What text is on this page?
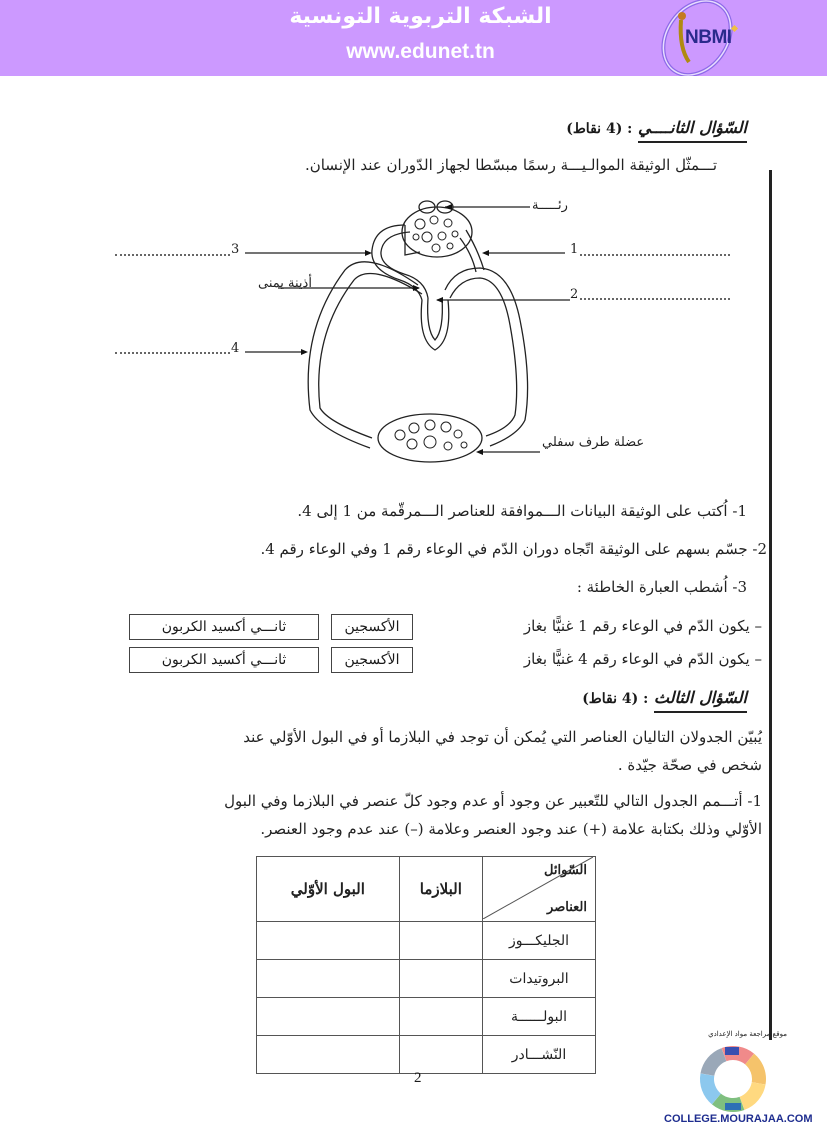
الشبكة التربوية التونسية
www.edunet.tn
NBMI
السّؤال الثانــــي : (4 نقاط)
تـــمثّل الوثيقة الموالـيـــة رسمًا مبسّطا لجهاز الدّوران عند الإنسان.
رئـــــة
أذينة يمنى
عضلة طرف سفلي
3
4
1
2
1- اُكتب على الوثيقة البيانات الـــموافقة للعناصر الـــمرقّمة من 1 إلى 4.
2- جسّم بسهم على الوثيقة اتّجاه دوران الدّم في الوعاء رقم 1 وفي الوعاء رقم 4.
3- اُشطب العبارة الخاطئة :
– يكون الدّم في الوعاء رقم 1 غنيًّا بغاز
الأكسجين
ثانـــي أكسيد الكربون
– يكون الدّم في الوعاء رقم 4 غنيًّا بغاز
الأكسجين
ثانـــي أكسيد الكربون
السّؤال الثالث : (4 نقاط)
يُبيّن الجدولان التاليان العناصر التي يُمكن أن توجد في البلازما أو في البول الأوّلي عند
شخص في صحّة جيّدة .
1- أتـــمم الجدول التالي للتّعبير عن وجود أو عدم وجود كلّ عنصر في البلازما وفي البول
الأوّلي وذلك بكتابة علامة (+) عند وجود العنصر وعلامة (–) عند عدم وجود العنصر.
السّوائل
العناصر	البلازما	البول الأوّلي
الجليكـــوز		
البروتيدات		
البولــــــة		
النّشـــادر		
2
COLLEGE.MOURAJAA.COM
موقع مراجعة مواد الإعدادي
